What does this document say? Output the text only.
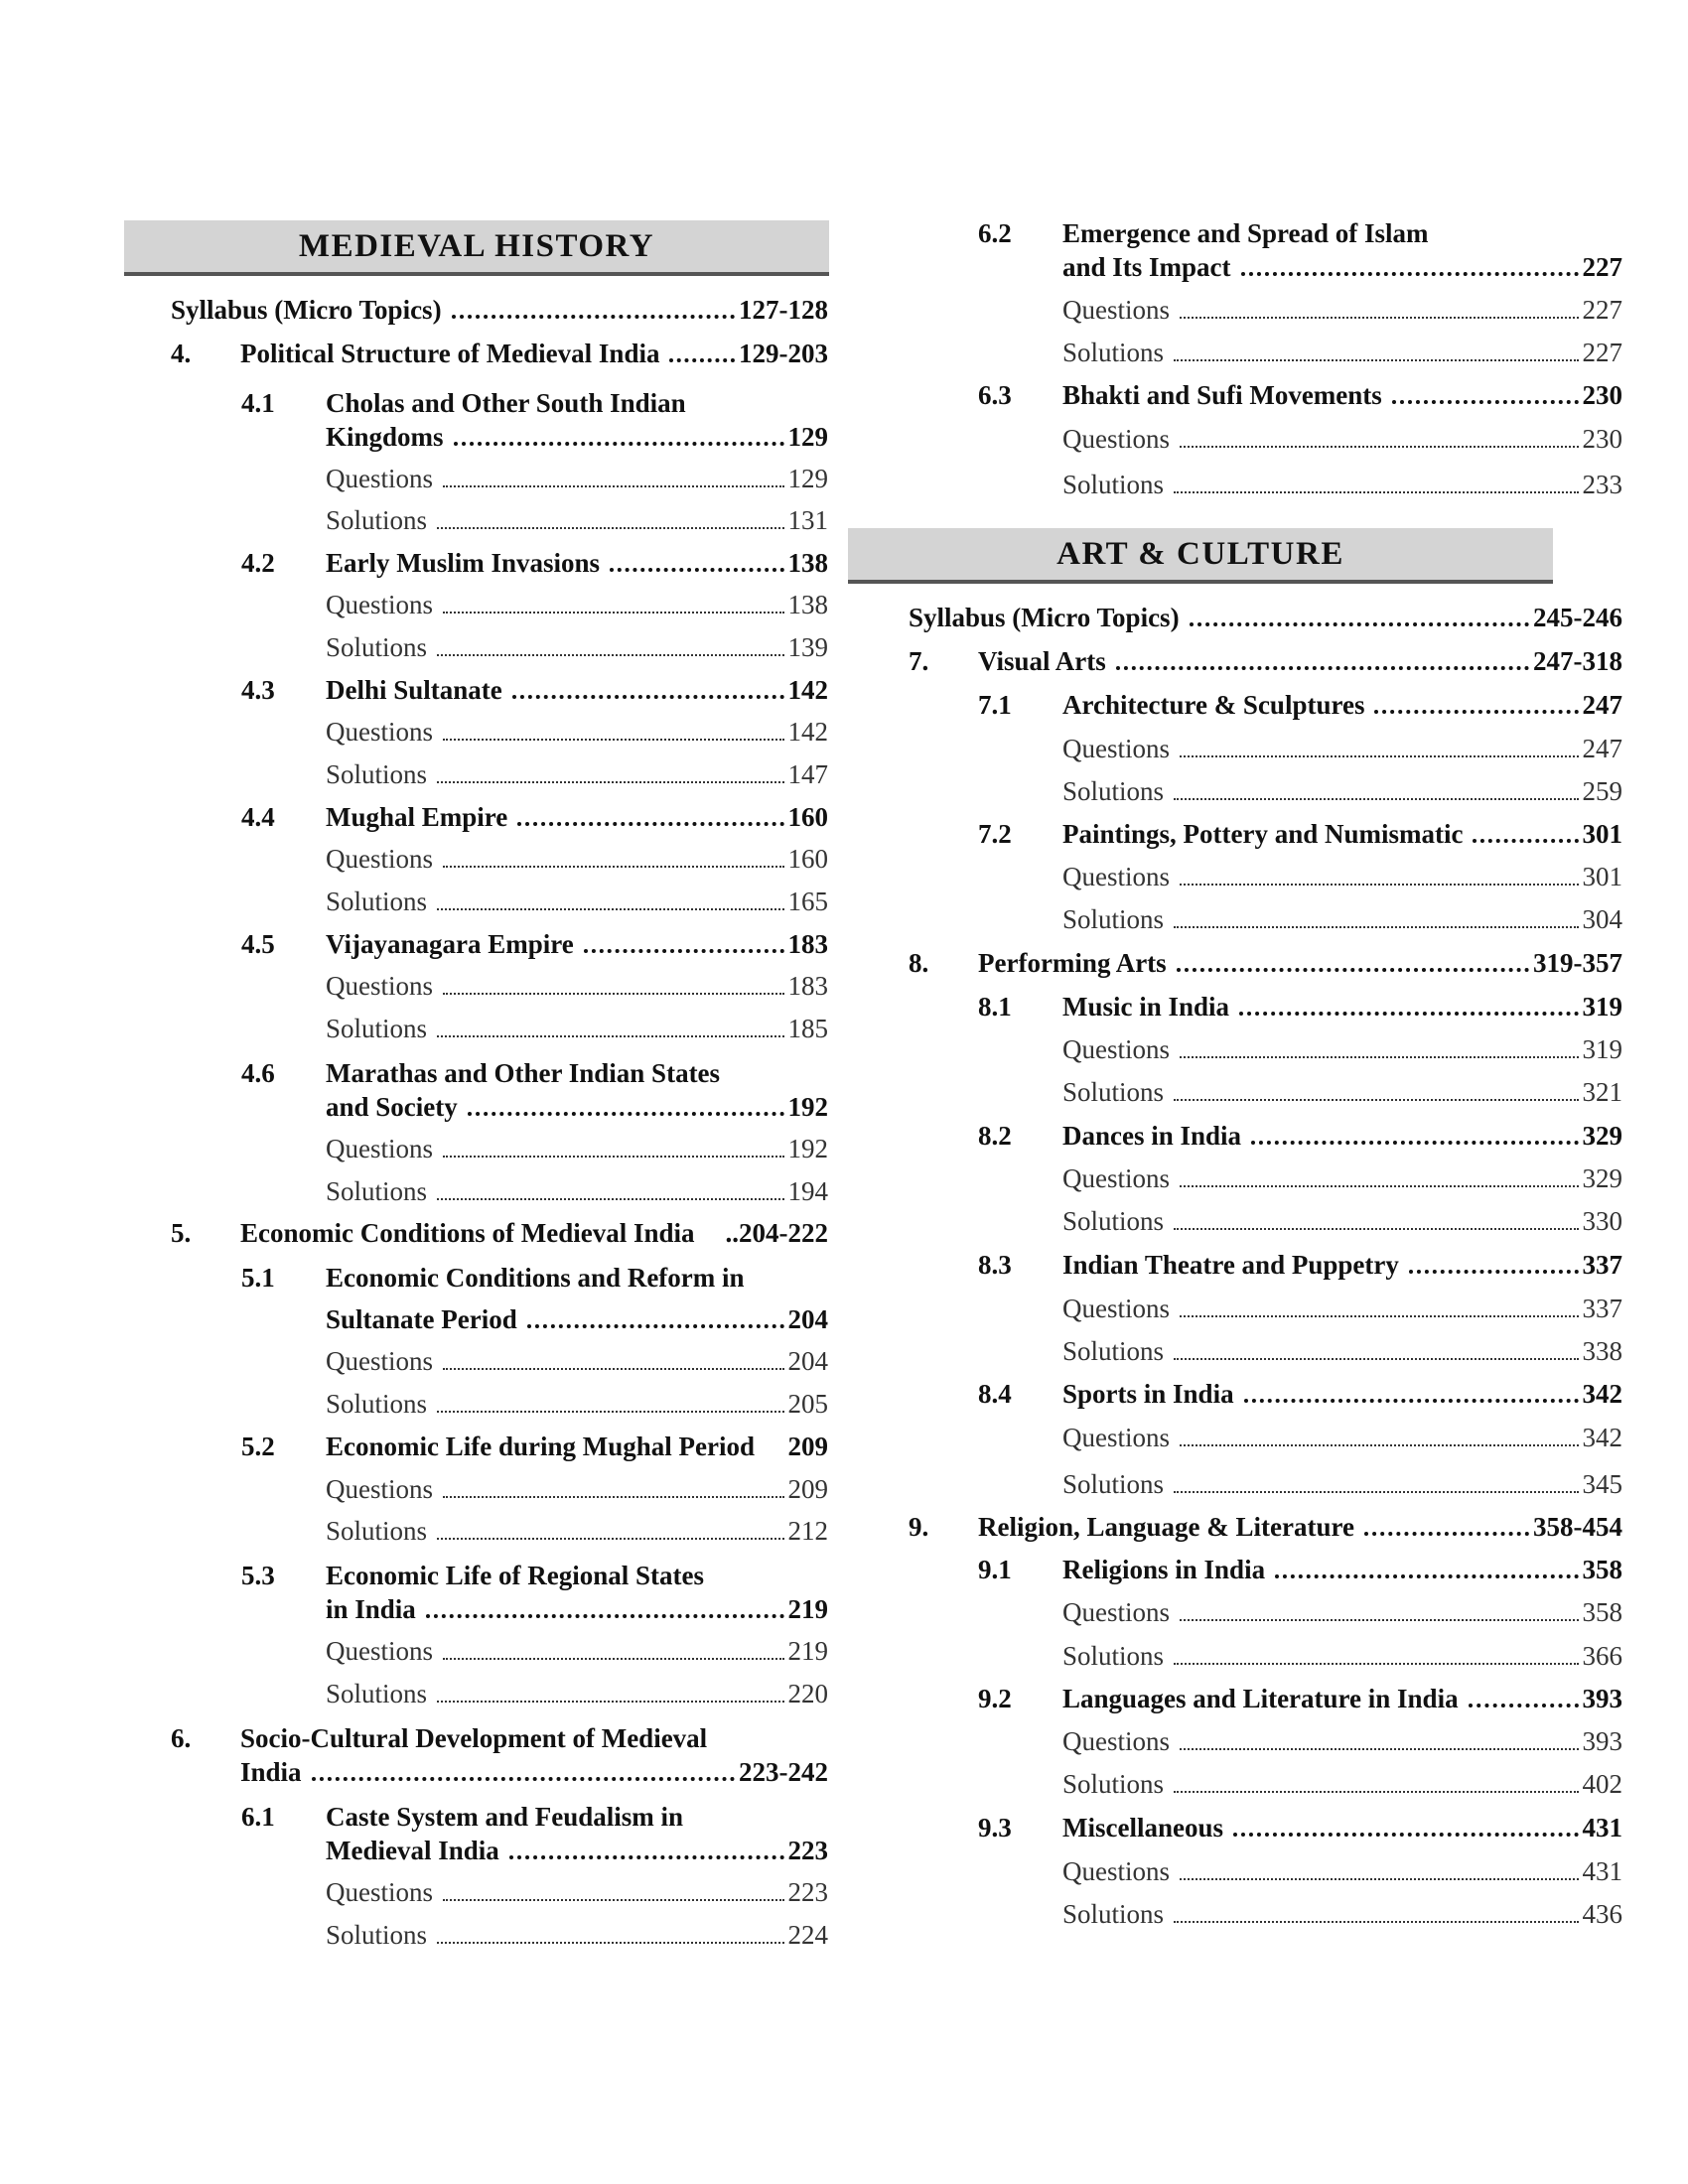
MEDIEVAL HISTORY
Syllabus (Micro Topics)	127-128
4.	Political Structure of Medieval India	129-203
4.1 Cholas and Other South Indian
Kingdoms	129
Questions	129
Solutions	131
4.2	Early Muslim Invasions	138
Questions	138
Solutions	139
4.3	Delhi Sultanate	142
Questions	142
Solutions	147
4.4	Mughal Empire	160
Questions	160
Solutions	165
4.5	Vijayanagara Empire	183
Questions	183
Solutions	185
4.6 Marathas and Other Indian States
and Society	192
Questions	192
Solutions	194
5.	Economic Conditions of Medieval India ..204-222
5.1 Economic Conditions and Reform in
Sultanate Period	204
Questions	204
Solutions	205
5.2	Economic Life during Mughal Period 209
Questions	209
Solutions	212
5.3 Economic Life of Regional States
in India	219
Questions	219
Solutions	220
6. Socio-Cultural Development of Medieval
India	223-242
6.1 Caste System and Feudalism in
Medieval India	223
Questions	223
Solutions	224
6.2 Emergence and Spread of Islam
and Its Impact	227
Questions	227
Solutions	227
6.3	Bhakti and Sufi Movements	230
Questions	230
Solutions	233
ART & CULTURE
Syllabus (Micro Topics)	245-246
7.	Visual Arts	247-318
7.1	Architecture & Sculptures	247
Questions	247
Solutions	259
7.2	Paintings, Pottery and Numismatic	301
Questions	301
Solutions	304
8.	Performing Arts	319-357
8.1	Music in India	319
Questions	319
Solutions	321
8.2	Dances in India	329
Questions	329
Solutions	330
8.3	Indian Theatre and Puppetry	337
Questions	337
Solutions	338
8.4	Sports in India	342
Questions	342
Solutions	345
9.	Religion, Language & Literature	358-454
9.1	Religions in India	358
Questions	358
Solutions	366
9.2	Languages and Literature in India	393
Questions	393
Solutions	402
9.3	Miscellaneous	431
Questions	431
Solutions	436
